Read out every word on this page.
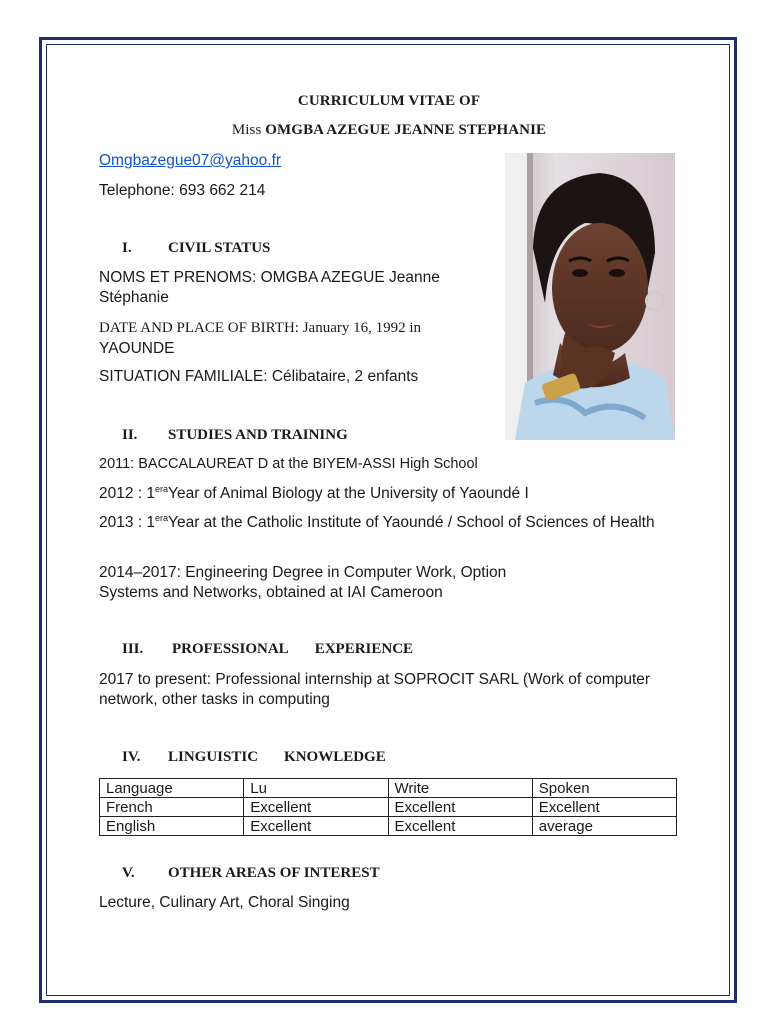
CURRICULUM VITAE OF
Miss OMGBA AZEGUE JEANNE STEPHANIE
Omgbazegue07@yahoo.fr
Telephone: 693 662 214
I. CIVIL STATUS
NOMS ET PRENOMS: OMGBA AZEGUE Jeanne Stéphanie
DATE AND PLACE OF BIRTH: January 16, 1992 in
YAOUNDE
SITUATION FAMILIALE: Célibataire, 2 enfants
II. STUDIES AND TRAINING
2011: BACCALAUREAT D at the BIYEM-ASSI High School
2012 : $1^{era}Year$ of Animal Biology at the University of Yaoundé I
2013 : $1^{era}Year$ at the Catholic Institute of Yaoundé / School of Sciences of Health
2014–2017: Engineering Degree in Computer Work, Option
Systems and Networks, obtained at IAI Cameroon
III. PROFESSIONAL EXPERIENCE
2017 to present: Professional internship at SOPROCIT SARL (Work of computer network, other tasks in computing
IV. LINGUISTIC KNOWLEDGE
Language	Lu	Write	Spoken
French	Excellent	Excellent	Excellent
English	Excellent	Excellent	average
V. OTHER AREAS OF INTEREST
Lecture, Culinary Art, Choral Singing
